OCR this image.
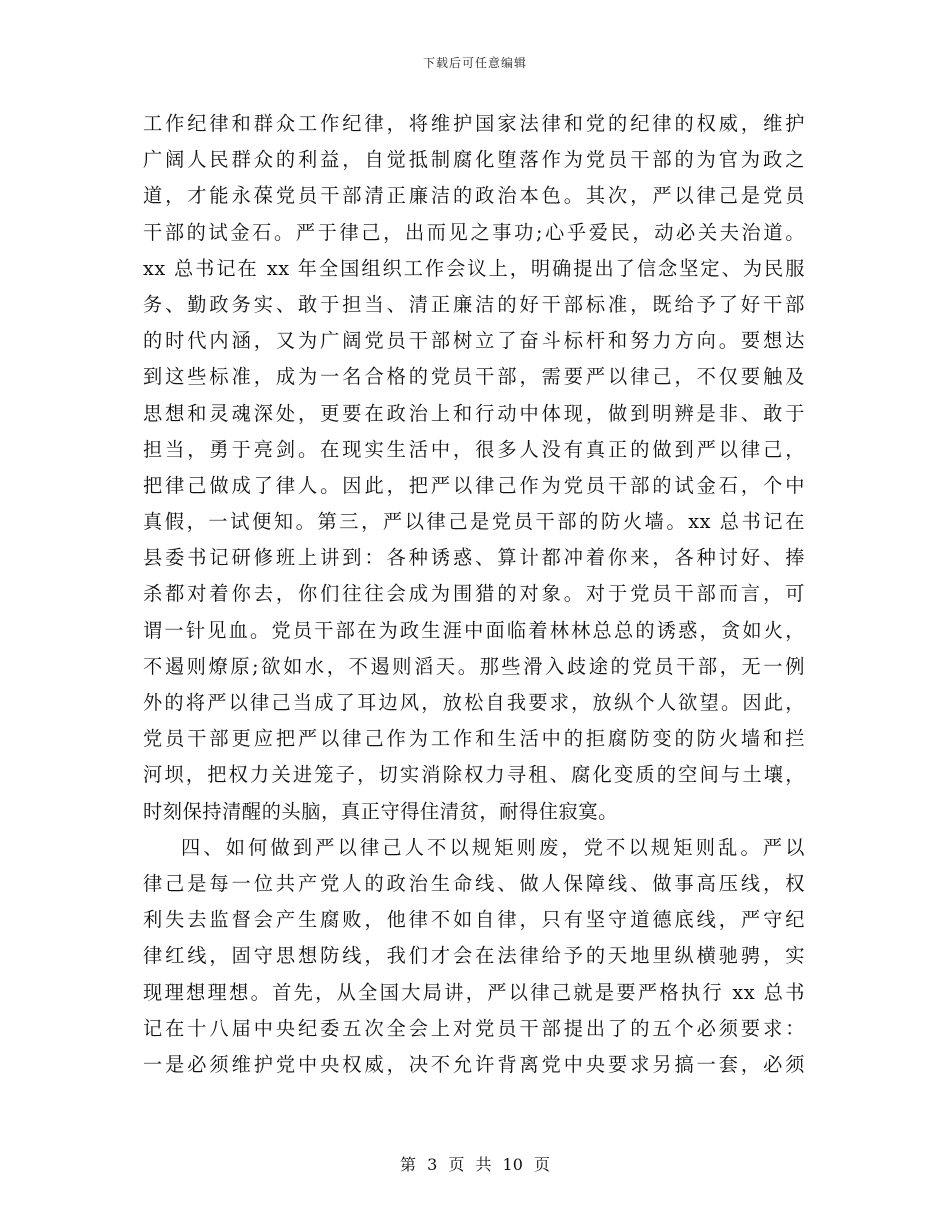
下载后可任意编辑
工作纪律和群众工作纪律，将维护国家法律和党的纪律的权威，维护
广阔人民群众的利益，自觉抵制腐化堕落作为党员干部的为官为政之
道，才能永葆党员干部清正廉洁的政治本色。其次，严以律己是党员
干部的试金石。严于律己，出而见之事功;心乎爱民，动必关夫治道。
xx 总书记在 xx 年全国组织工作会议上，明确提出了信念坚定、为民服
务、勤政务实、敢于担当、清正廉洁的好干部标准，既给予了好干部
的时代内涵，又为广阔党员干部树立了奋斗标杆和努力方向。要想达
到这些标准，成为一名合格的党员干部，需要严以律己，不仅要触及
思想和灵魂深处，更要在政治上和行动中体现，做到明辨是非、敢于
担当，勇于亮剑。在现实生活中，很多人没有真正的做到严以律己，
把律己做成了律人。因此，把严以律己作为党员干部的试金石，个中
真假，一试便知。第三，严以律己是党员干部的防火墙。xx 总书记在
县委书记研修班上讲到：各种诱惑、算计都冲着你来，各种讨好、捧
杀都对着你去，你们往往会成为围猎的对象。对于党员干部而言，可
谓一针见血。党员干部在为政生涯中面临着林林总总的诱惑，贪如火，
不遏则燎原;欲如水，不遏则滔天。那些滑入歧途的党员干部，无一例
外的将严以律己当成了耳边风，放松自我要求，放纵个人欲望。因此，
党员干部更应把严以律己作为工作和生活中的拒腐防变的防火墙和拦
河坝，把权力关进笼子，切实消除权力寻租、腐化变质的空间与土壤，
时刻保持清醒的头脑，真正守得住清贫，耐得住寂寞。
四、如何做到严以律己人不以规矩则废，党不以规矩则乱。严以
律己是每一位共产党人的政治生命线、做人保障线、做事高压线，权
利失去监督会产生腐败，他律不如自律，只有坚守道德底线，严守纪
律红线，固守思想防线，我们才会在法律给予的天地里纵横驰骋，实
现理想理想。首先，从全国大局讲，严以律己就是要严格执行 xx 总书
记在十八届中央纪委五次全会上对党员干部提出了的五个必须要求：
一是必须维护党中央权威，决不允许背离党中央要求另搞一套，必须
第 3 页 共 10 页
